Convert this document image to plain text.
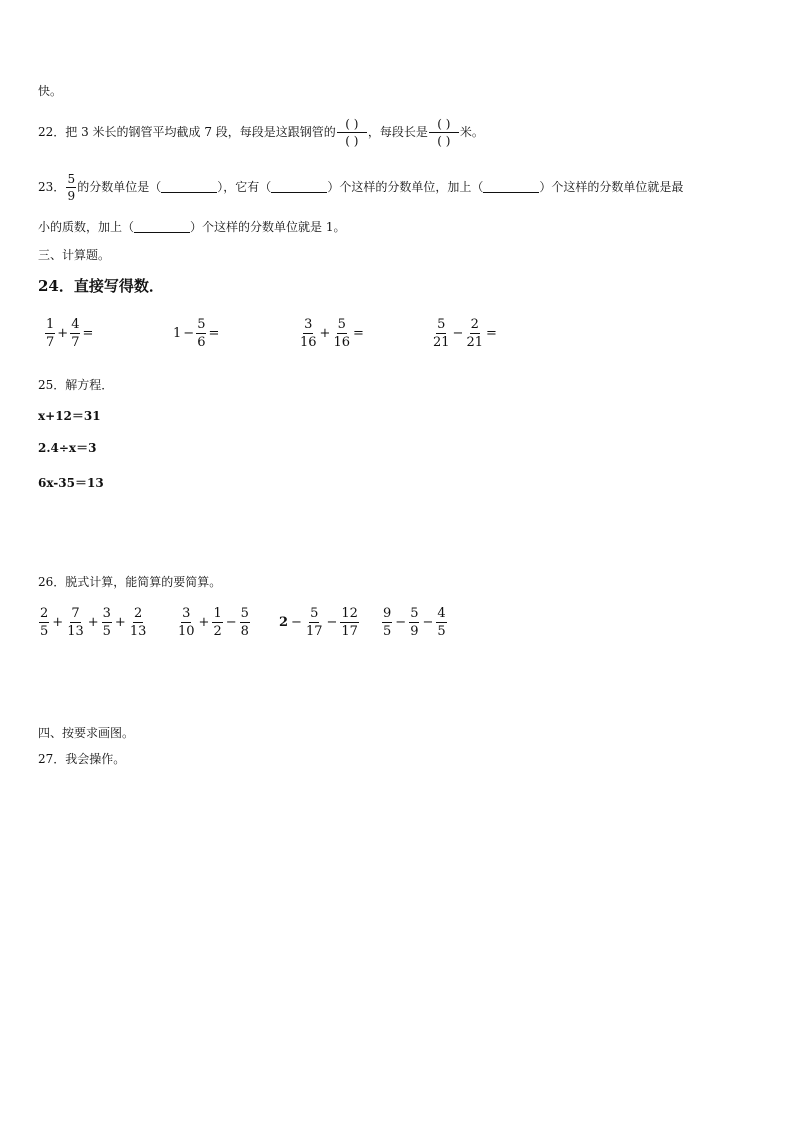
快。
22．把 3 米长的钢管平均截成 7 段，每段是这跟钢管的 $\frac{( )}{( )}$ ，每段长是 $\frac{( )}{( )}$ 米。
23． $\frac{5}{9}$ 的分数单位是（	），它有（	）个这样的分数单位，加上（	）个这样的分数单位就是最
小的质数，加上（	）个这样的分数单位就是 1。
三、计算题。
24．直接写得数．
$\frac{1}{7} + \frac{4}{7}$ =	$1 - \frac{5}{6}$ =	$\frac{3}{16} + \frac{5}{16}$ =	$\frac{5}{21} - \frac{2}{21}$ =
25．解方程．
x+12＝31
2.4÷x＝3
6x-35＝13
26．脱式计算，能简算的要简算。
$\frac{2}{5} + \frac{7}{13} + \frac{3}{5} + \frac{2}{13} \frac{3}{10} + \frac{1}{2} - \frac{5}{8} 2 - \frac{5}{17} - \frac{12}{17} \frac{9}{5} - \frac{5}{9} - \frac{4}{5}$
四、按要求画图。
27．我会操作。
